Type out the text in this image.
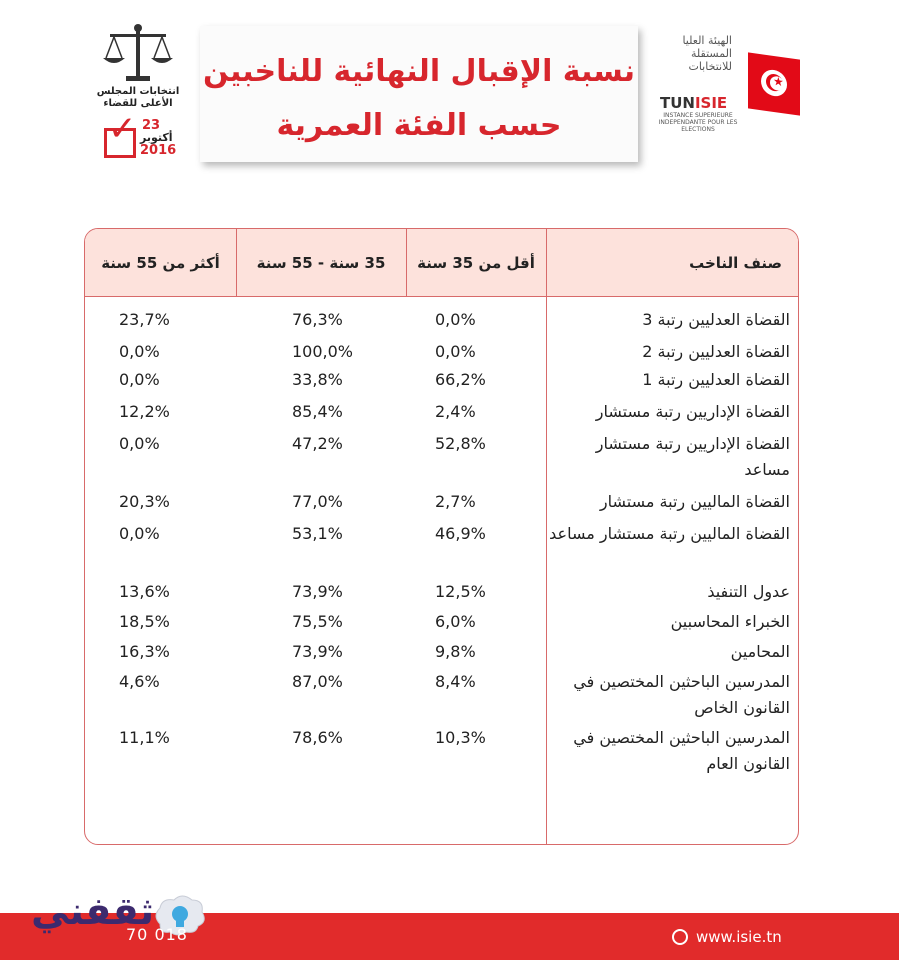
انتخابات المجلس الأعلى للقضاء
✓ 23
أكتوبر
2016
نسبة الإقبال النهائية للناخبين
حسب الفئة العمرية
الهيئة العليا المستقلة للانتخابات
TUNISIE
INSTANCE SUPERIEURE INDEPENDANTE POUR LES ELECTIONS
★
صنف الناخب
أقل من 35 سنة
35 سنة - 55 سنة
أكثر من 55 سنة
القضاة العدليين رتبة 3
0,0%
76,3%
23,7%
القضاة العدليين رتبة 2
0,0%
100,0%
0,0%
القضاة العدليين رتبة 1
66,2%
33,8%
0,0%
القضاة الإداريين رتبة مستشار
2,4%
85,4%
12,2%
القضاة الإداريين رتبة مستشار مساعد
52,8%
47,2%
0,0%
القضاة الماليين رتبة مستشار
2,7%
77,0%
20,3%
القضاة الماليين رتبة مستشار مساعد
46,9%
53,1%
0,0%
عدول التنفيذ
12,5%
73,9%
13,6%
الخبراء المحاسبين
6,0%
75,5%
18,5%
المحامين
9,8%
73,9%
16,3%
المدرسين الباحثين المختصين في القانون الخاص
8,4%
87,0%
4,6%
المدرسين الباحثين المختصين في القانون العام
10,3%
78,6%
11,1%
ثقفني
70 018	www.isie.tn
